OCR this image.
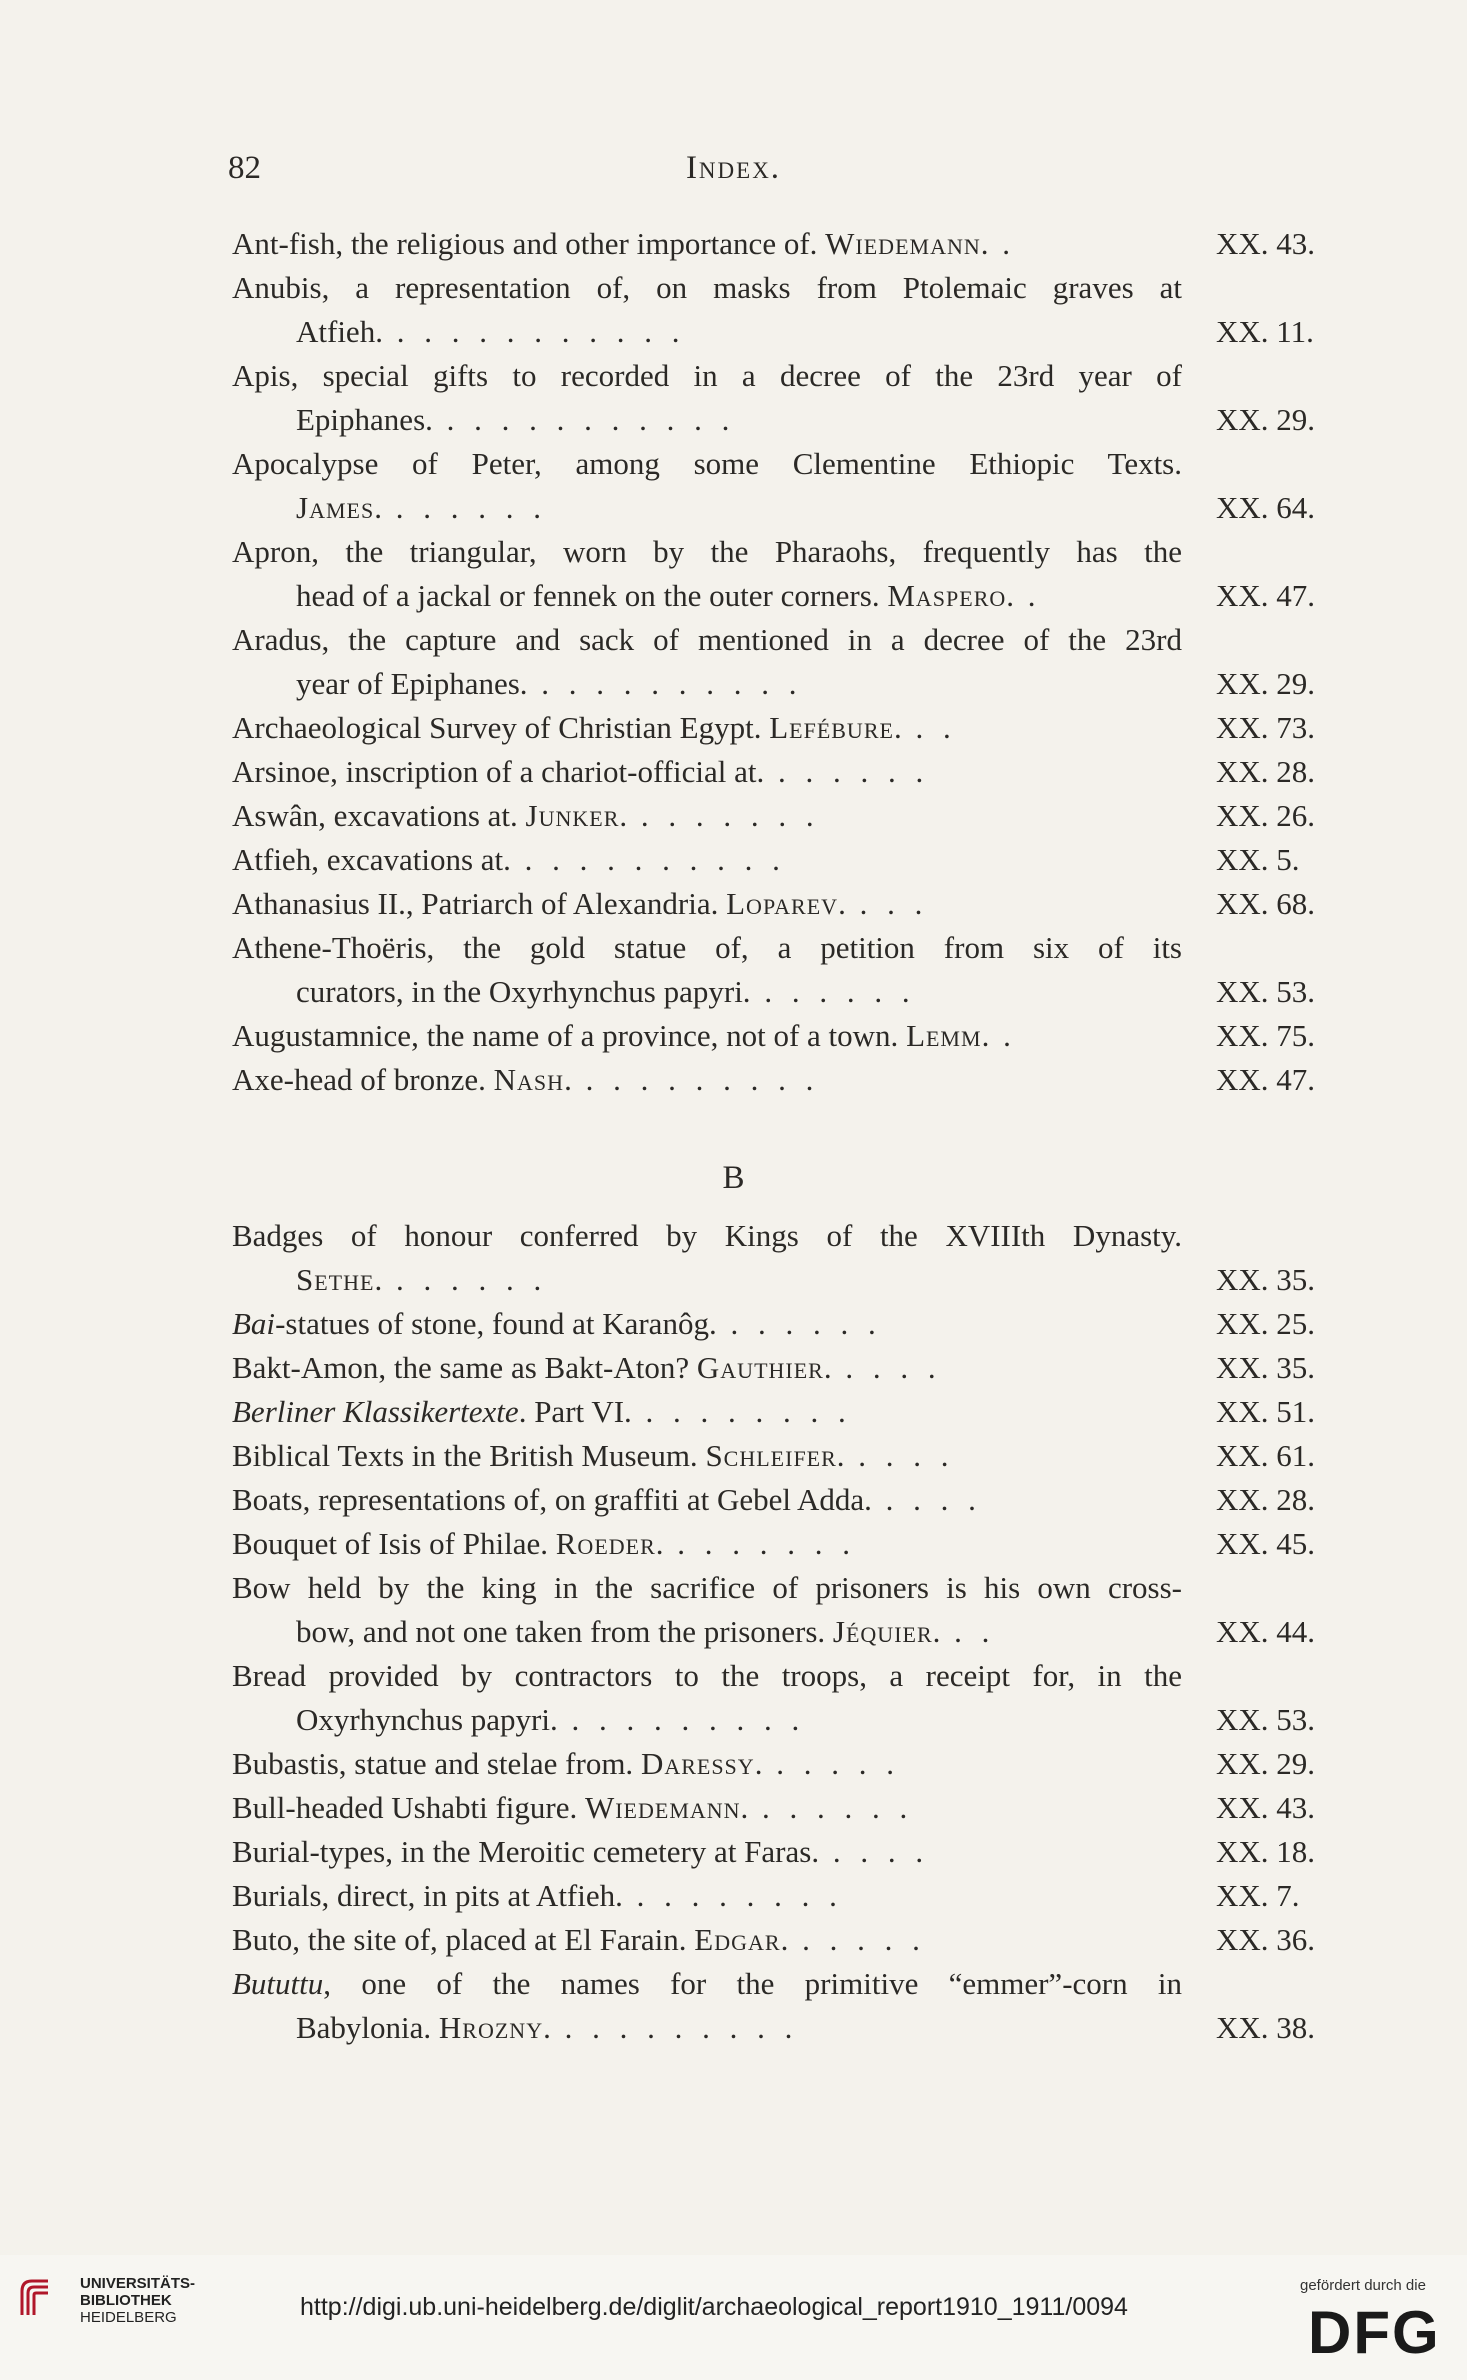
82	Index.
Ant-fish, the religious and other importance of. Wiedemann. .	XX. 43.
Anubis, a representation of, on masks from Ptolemaic graves at
Atfieh. . . . . . . . . . . .	XX. 11.
Apis, special gifts to recorded in a decree of the 23rd year of
Epiphanes. . . . . . . . . . . .	XX. 29.
Apocalypse of Peter, among some Clementine Ethiopic Texts.
James. . . . . . .	XX. 64.
Apron, the triangular, worn by the Pharaohs, frequently has the
head of a jackal or fennek on the outer corners. Maspero. .	XX. 47.
Aradus, the capture and sack of mentioned in a decree of the 23rd
year of Epiphanes. . . . . . . . . . .	XX. 29.
Archaeological Survey of Christian Egypt. Lefébure. . .	XX. 73.
Arsinoe, inscription of a chariot-official at. . . . . . .	XX. 28.
Aswân, excavations at. Junker. . . . . . . .	XX. 26.
Atfieh, excavations at. . . . . . . . . . .	XX. 5.
Athanasius II., Patriarch of Alexandria. Loparev. . . .	XX. 68.
Athene-Thoëris, the gold statue of, a petition from six of its
curators, in the Oxyrhynchus papyri. . . . . . .	XX. 53.
Augustamnice, the name of a province, not of a town. Lemm. .	XX. 75.
Axe-head of bronze. Nash. . . . . . . . . .	XX. 47.
B
Badges of honour conferred by Kings of the XVIIIth Dynasty.
Sethe. . . . . . .	XX. 35.
Bai-statues of stone, found at Karanôg. . . . . . .	XX. 25.
Bakt-Amon, the same as Bakt-Aton? Gauthier. . . . .	XX. 35.
Berliner Klassikertexte. Part VI. . . . . . . . .	XX. 51.
Biblical Texts in the British Museum. Schleifer. . . . .	XX. 61.
Boats, representations of, on graffiti at Gebel Adda. . . . .	XX. 28.
Bouquet of Isis of Philae. Roeder. . . . . . . .	XX. 45.
Bow held by the king in the sacrifice of prisoners is his own cross-
bow, and not one taken from the prisoners. Jéquier. . .	XX. 44.
Bread provided by contractors to the troops, a receipt for, in the
Oxyrhynchus papyri. . . . . . . . . .	XX. 53.
Bubastis, statue and stelae from. Daressy. . . . . .	XX. 29.
Bull-headed Ushabti figure. Wiedemann. . . . . . .	XX. 43.
Burial-types, in the Meroitic cemetery at Faras. . . . .	XX. 18.
Burials, direct, in pits at Atfieh. . . . . . . . .	XX. 7.
Buto, the site of, placed at El Farain. Edgar. . . . . .	XX. 36.
Bututtu, one of the names for the primitive “emmer”-corn in
Babylonia. Hrozny. . . . . . . . . .	XX. 38.
UNIVERSITÄTS-
BIBLIOTHEK
HEIDELBERG	http://digi.ub.uni-heidelberg.de/diglit/archaeological_report1910_1911/0094
gefördert durch die
DFG
